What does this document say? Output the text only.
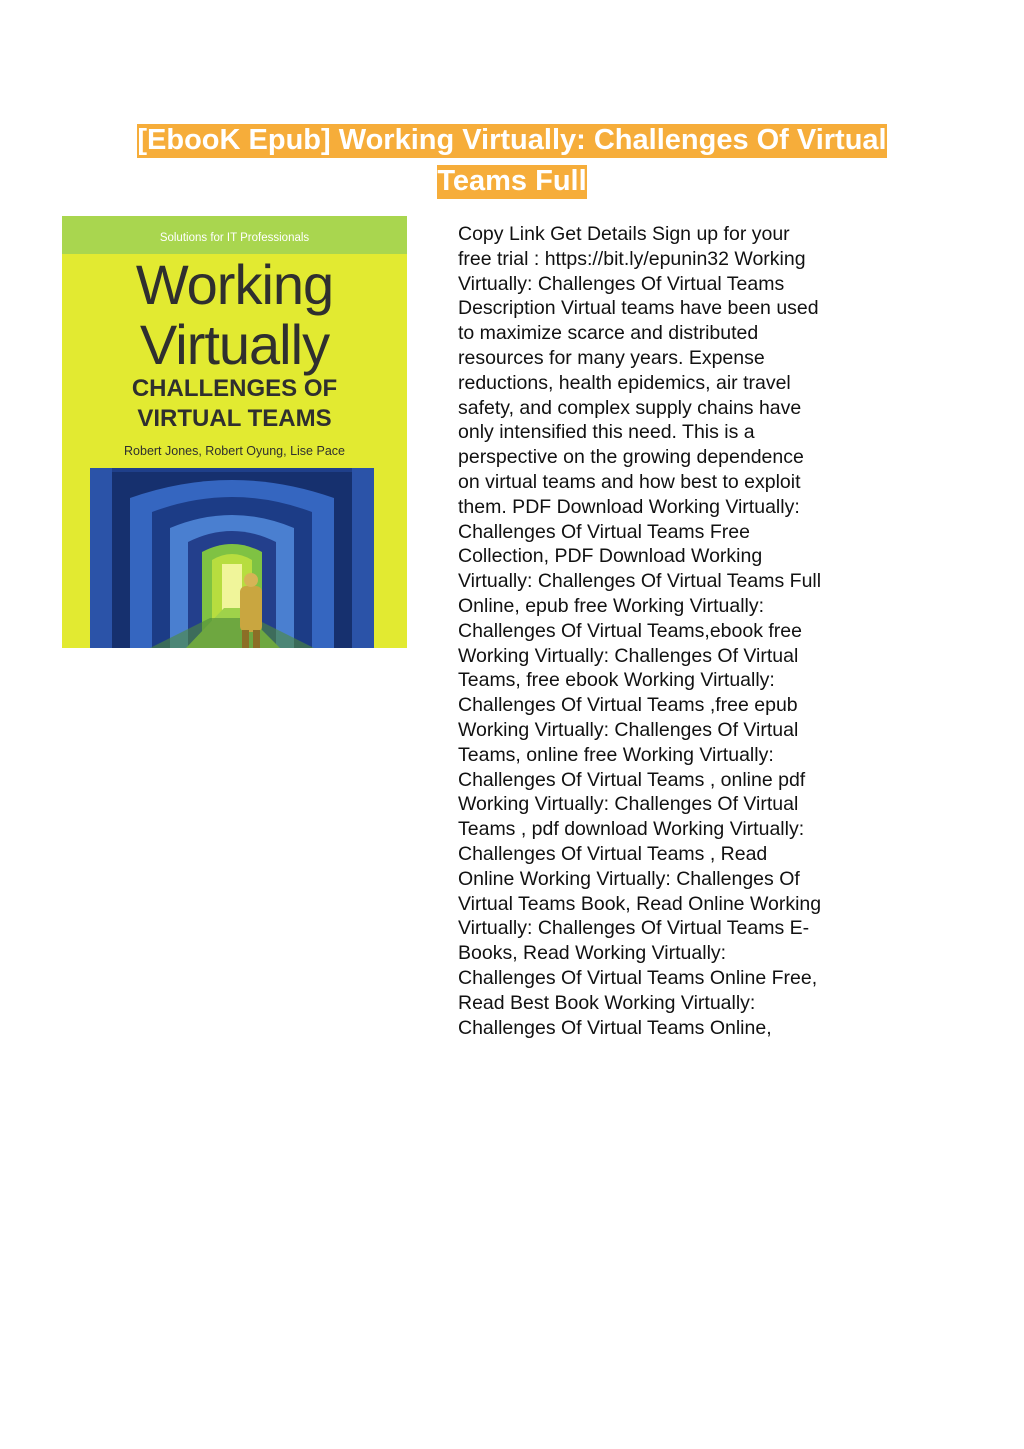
[EbooK Epub] Working Virtually: Challenges Of Virtual Teams Full
Solutions for IT Professionals
Working
Virtually
CHALLENGES OF
VIRTUAL TEAMS
Robert Jones, Robert Oyung, Lise Pace
Copy Link Get Details Sign up for your free trial : https://bit.ly/epunin32 Working Virtually: Challenges Of Virtual Teams Description Virtual teams have been used to maximize scarce and distributed resources for many years. Expense reductions, health epidemics, air travel safety, and complex supply chains have only intensified this need. This is a perspective on the growing dependence on virtual teams and how best to exploit them. PDF Download Working Virtually: Challenges Of Virtual Teams Free Collection, PDF Download Working Virtually: Challenges Of Virtual Teams Full Online, epub free Working Virtually: Challenges Of Virtual Teams,ebook free Working Virtually: Challenges Of Virtual Teams, free ebook Working Virtually: Challenges Of Virtual Teams ,free epub Working Virtually: Challenges Of Virtual Teams, online free Working Virtually: Challenges Of Virtual Teams , online pdf Working Virtually: Challenges Of Virtual Teams , pdf download Working Virtually: Challenges Of Virtual Teams , Read Online Working Virtually: Challenges Of Virtual Teams Book, Read Online Working Virtually: Challenges Of Virtual Teams E-Books, Read Working Virtually: Challenges Of Virtual Teams Online Free, Read Best Book Working Virtually: Challenges Of Virtual Teams Online,
